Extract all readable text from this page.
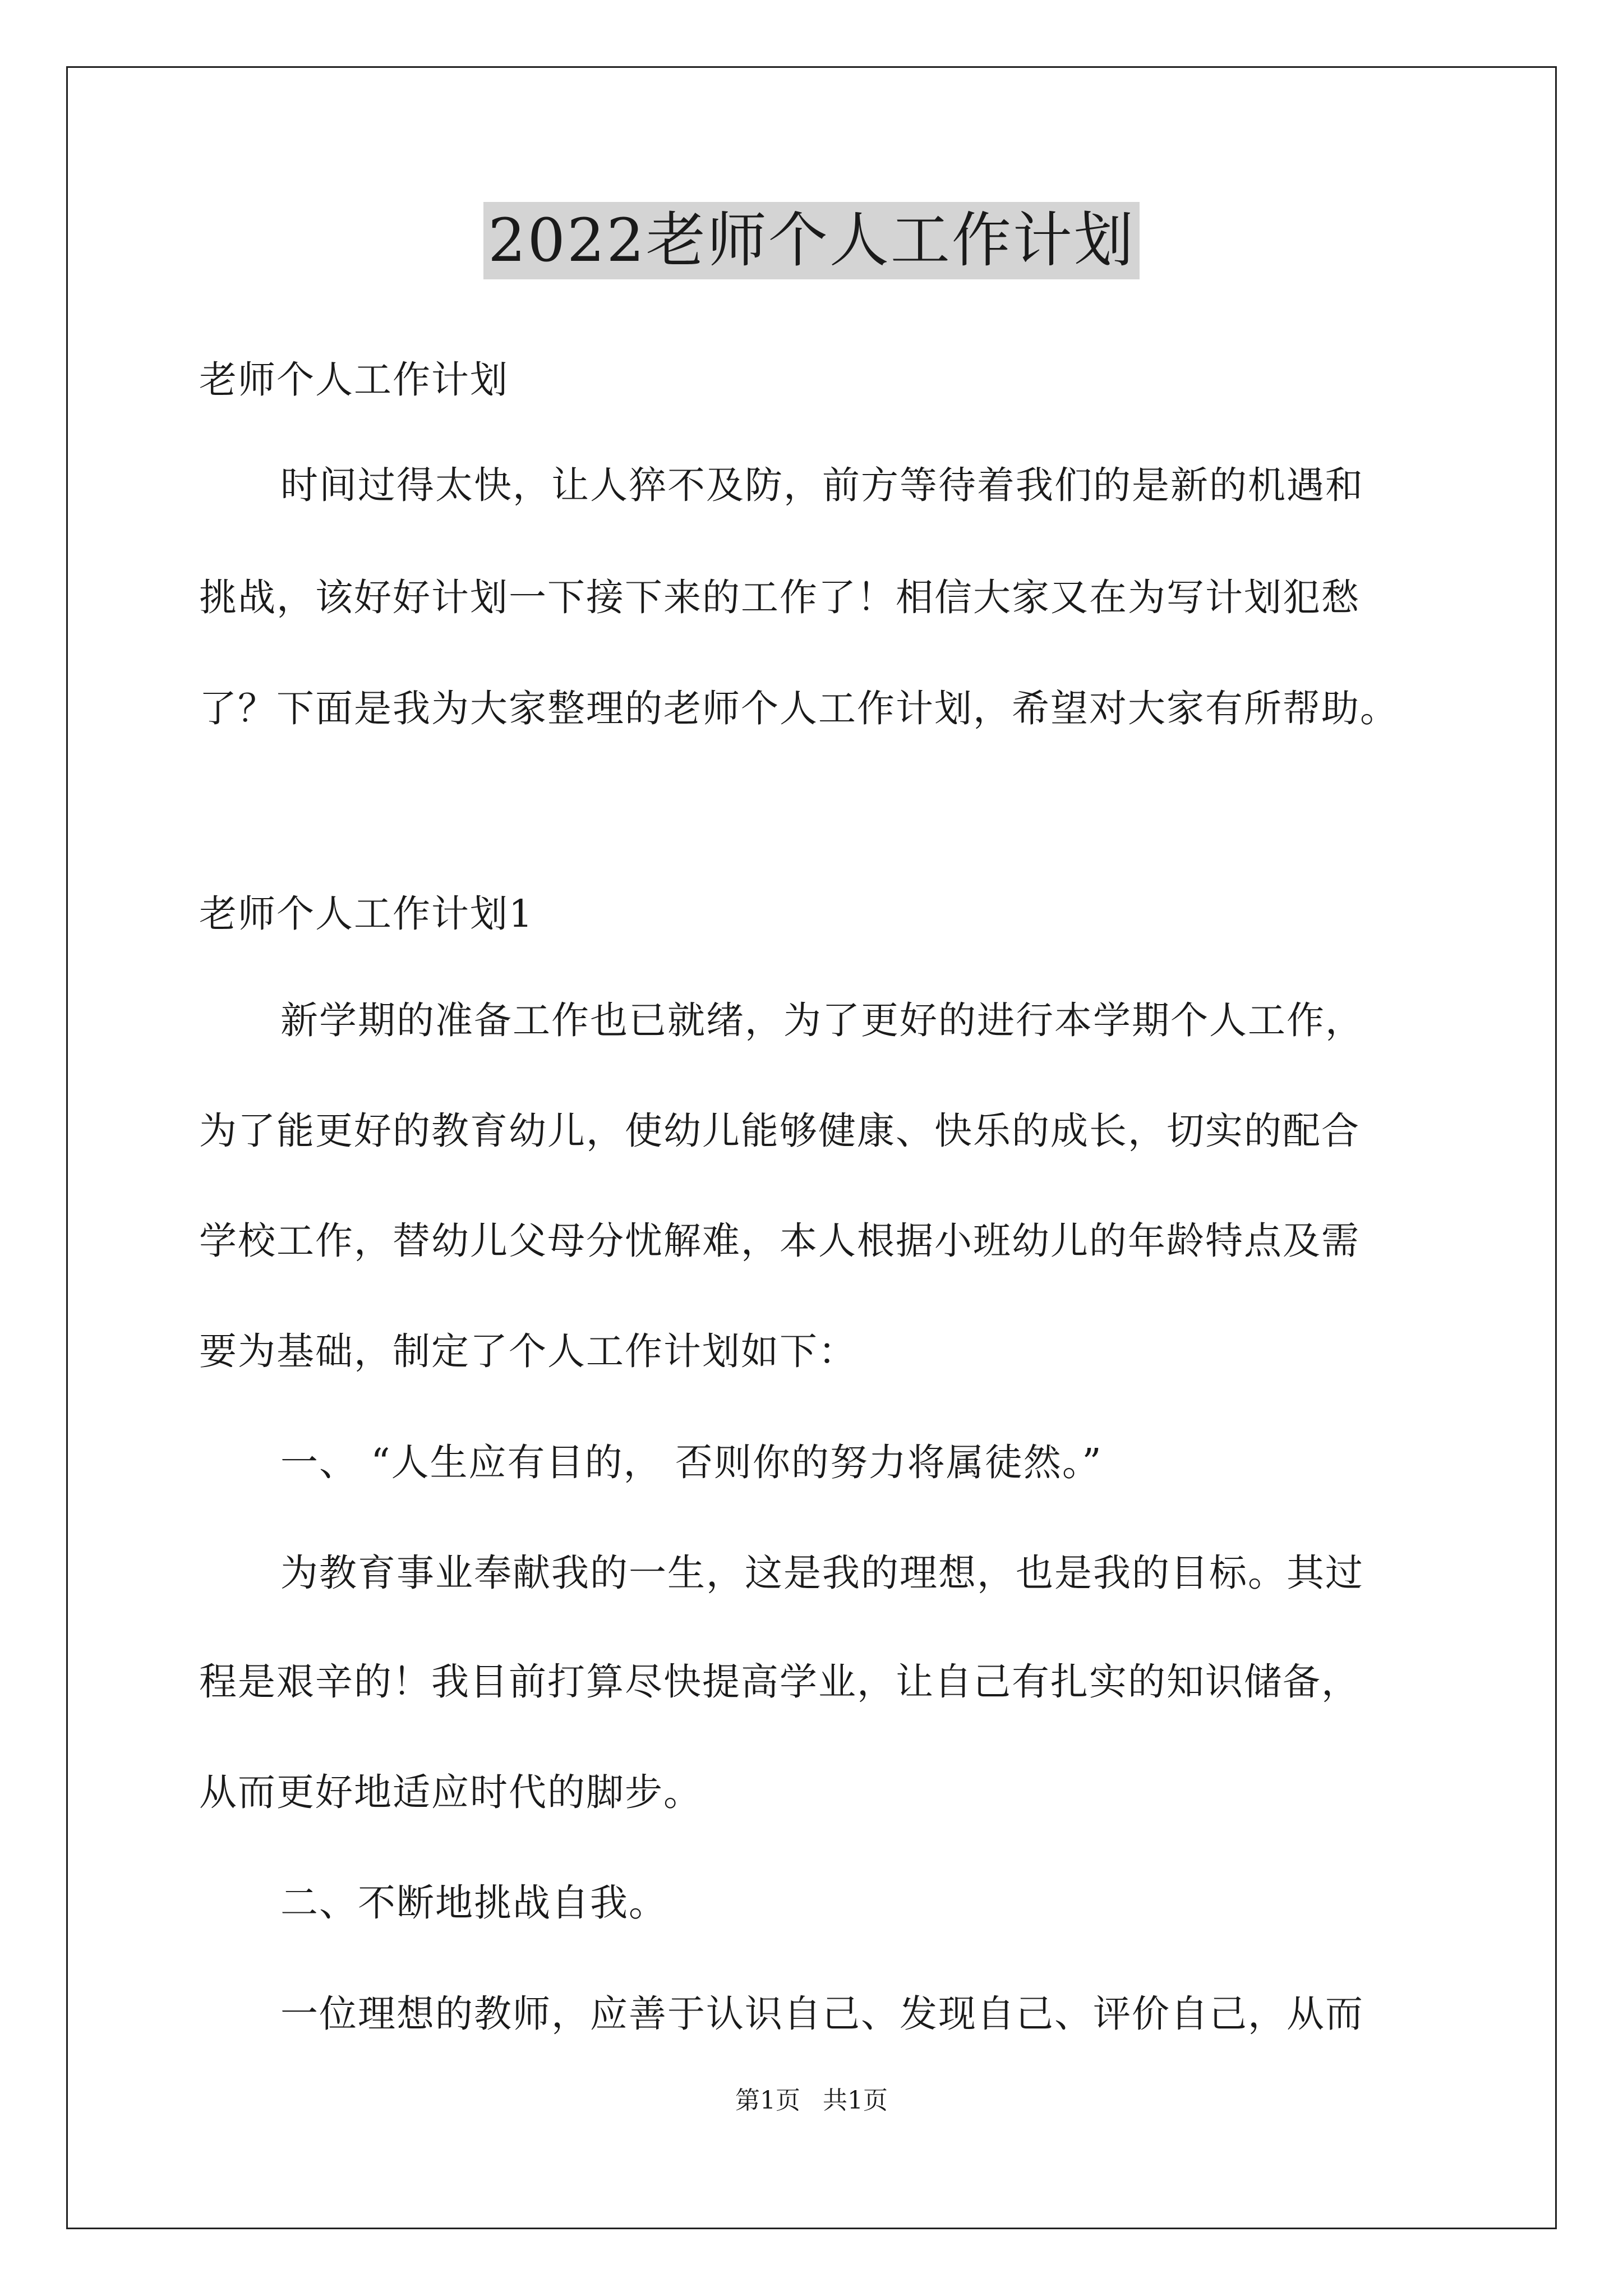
2022老师个人工作计划
老师个人工作计划
时间过得太快，让人猝不及防，前方等待着我们的是新的机遇和
挑战，该好好计划一下接下来的工作了！相信大家又在为写计划犯愁
了？下面是我为大家整理的老师个人工作计划，希望对大家有所帮助。
老师个人工作计划1
新学期的准备工作也已就绪，为了更好的进行本学期个人工作，
为了能更好的教育幼儿，使幼儿能够健康、快乐的成长，切实的配合
学校工作，替幼儿父母分忧解难，本人根据小班幼儿的年龄特点及需
要为基础，制定了个人工作计划如下：
一、 “人生应有目的， 否则你的努力将属徒然。”
为教育事业奉献我的一生，这是我的理想，也是我的目标。其过
程是艰辛的！我目前打算尽快提高学业，让自己有扎实的知识储备，
从而更好地适应时代的脚步。
二、不断地挑战自我。
一位理想的教师，应善于认识自己、发现自己、评价自己，从而
第1页 共1页
